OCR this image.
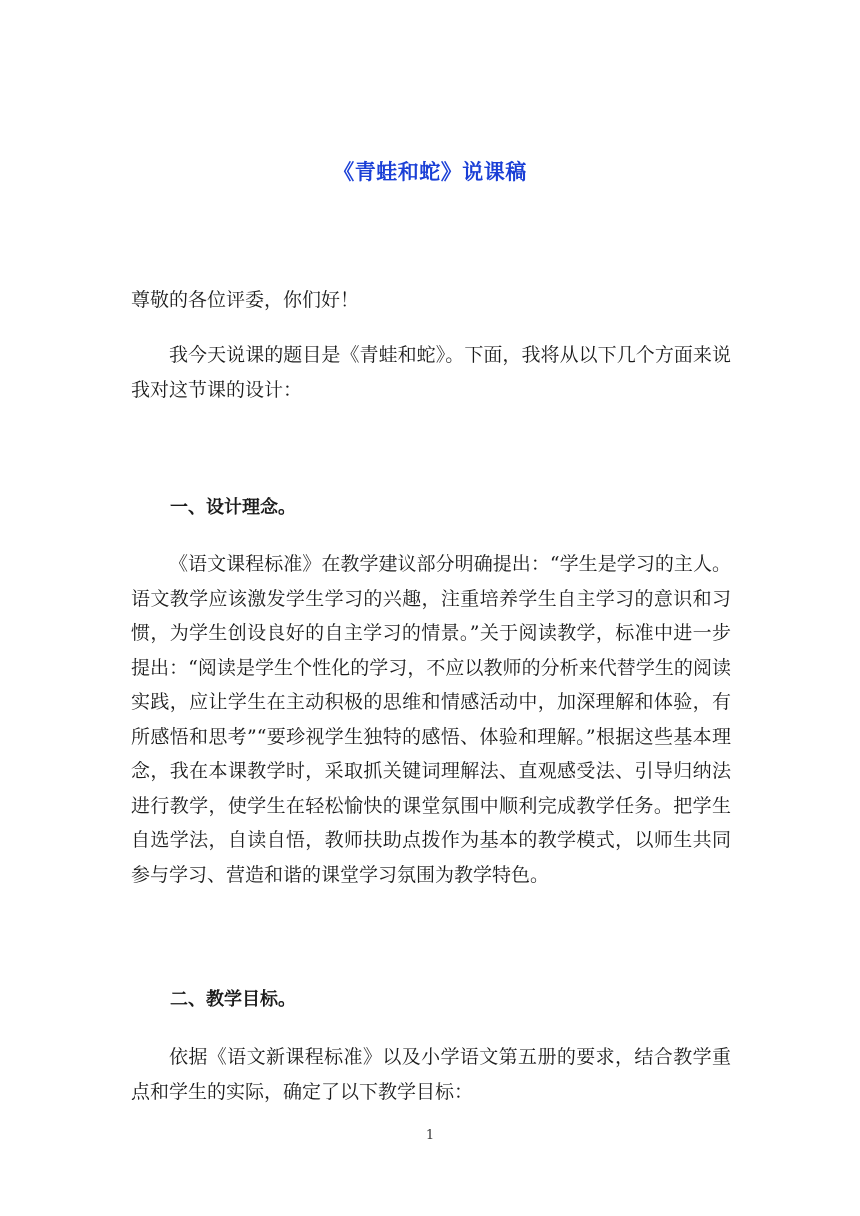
《青蛙和蛇》说课稿
尊敬的各位评委，你们好！
我今天说课的题目是《青蛙和蛇》。下面，我将从以下几个方面来说我对这节课的设计：
一、设计理念。
《语文课程标准》在教学建议部分明确提出：“学生是学习的主人。语文教学应该激发学生学习的兴趣，注重培养学生自主学习的意识和习惯，为学生创设良好的自主学习的情景。”关于阅读教学，标准中进一步提出：“阅读是学生个性化的学习，不应以教师的分析来代替学生的阅读实践，应让学生在主动积极的思维和情感活动中，加深理解和体验，有所感悟和思考”“要珍视学生独特的感悟、体验和理解。”根据这些基本理念，我在本课教学时，采取抓关键词理解法、直观感受法、引导归纳法进行教学，使学生在轻松愉快的课堂氛围中顺利完成教学任务。把学生自选学法，自读自悟，教师扶助点拨作为基本的教学模式，以师生共同参与学习、营造和谐的课堂学习氛围为教学特色。
二、教学目标。
依据《语文新课程标准》以及小学语文第五册的要求，结合教学重点和学生的实际，确定了以下教学目标：
1
